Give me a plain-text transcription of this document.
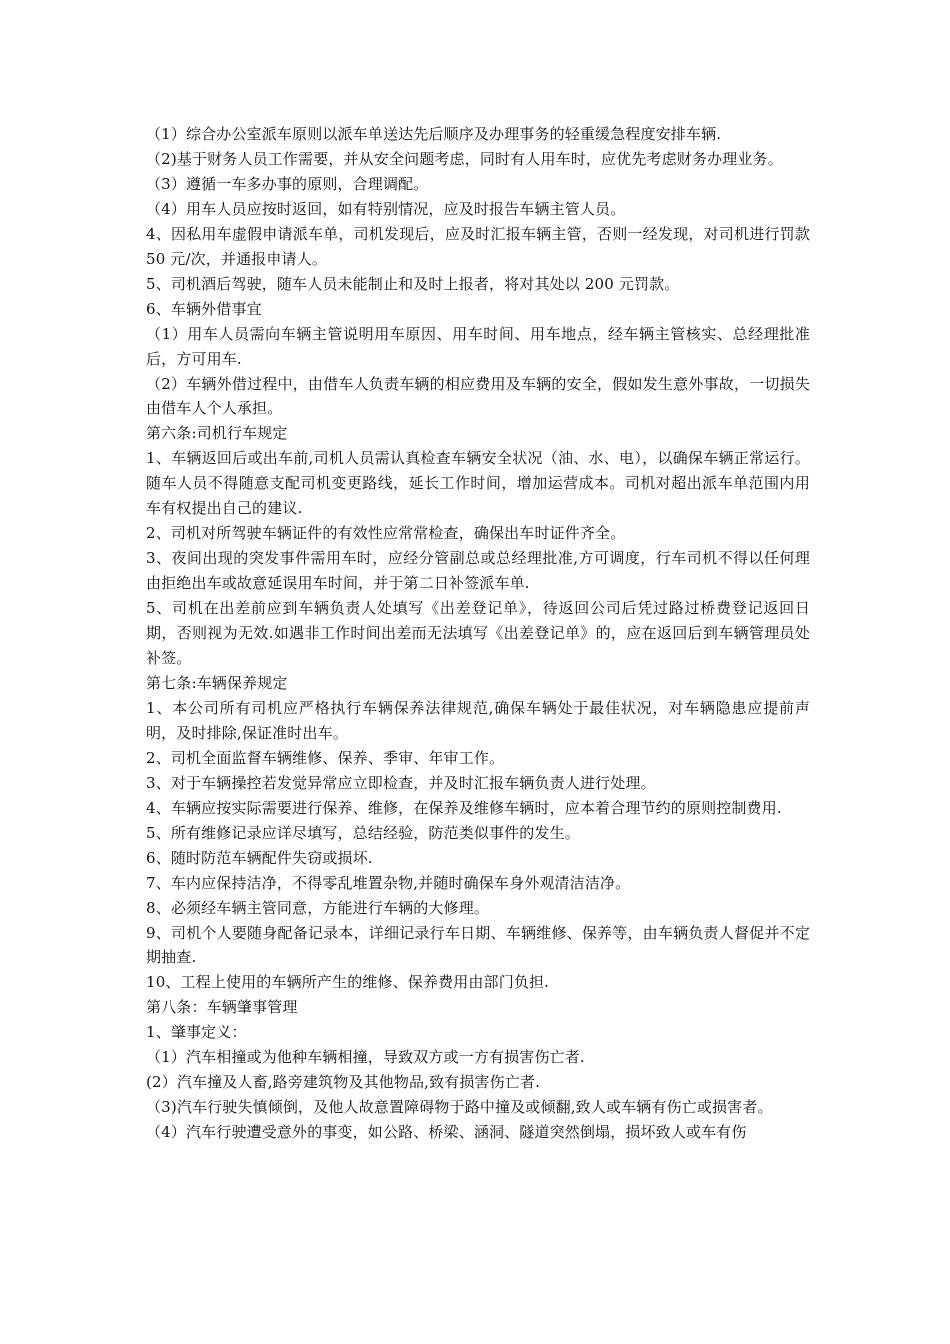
（1）综合办公室派车原则以派车单送达先后顺序及办理事务的轻重缓急程度安排车辆.

（2)基于财务人员工作需要，并从安全问题考虑，同时有人用车时，应优先考虑财务办理业务。

（3）遵循一车多办事的原则，合理调配。

（4）用车人员应按时返回，如有特别情况，应及时报告车辆主管人员。

4、因私用车虚假申请派车单，司机发现后，应及时汇报车辆主管，否则一经发现，对司机进行罚款 50 元/次，并通报申请人。

5、司机酒后驾驶，随车人员未能制止和及时上报者，将对其处以 200 元罚款。

6、车辆外借事宜

（1）用车人员需向车辆主管说明用车原因、用车时间、用车地点，经车辆主管核实、总经理批准后，方可用车.

（2）车辆外借过程中，由借车人负责车辆的相应费用及车辆的安全，假如发生意外事故，一切损失由借车人个人承担。

第六条:司机行车规定

1、车辆返回后或出车前,司机人员需认真检查车辆安全状况（油、水、电），以确保车辆正常运行。随车人员不得随意支配司机变更路线，延长工作时间，增加运营成本。司机对超出派车单范围内用车有权提出自己的建议.

2、司机对所驾驶车辆证件的有效性应常常检查，确保出车时证件齐全。

3、夜间出现的突发事件需用车时，应经分管副总或总经理批准,方可调度，行车司机不得以任何理由拒绝出车或故意延误用车时间，并于第二日补签派车单.

5、司机在出差前应到车辆负责人处填写《出差登记单》，待返回公司后凭过路过桥费登记返回日期，否则视为无效.如遇非工作时间出差而无法填写《出差登记单》的，应在返回后到车辆管理员处补签。

第七条:车辆保养规定

1、本公司所有司机应严格执行车辆保养法律规范,确保车辆处于最佳状况，对车辆隐患应提前声明，及时排除,保证准时出车。

2、司机全面监督车辆维修、保养、季审、年审工作。

3、对于车辆操控若发觉异常应立即检查，并及时汇报车辆负责人进行处理。

4、车辆应按实际需要进行保养、维修，在保养及维修车辆时，应本着合理节约的原则控制费用.

5、所有维修记录应详尽填写，总结经验，防范类似事件的发生。

6、随时防范车辆配件失窃或损坏.

7、车内应保持洁净，不得零乱堆置杂物,并随时确保车身外观清洁洁净。

8、必须经车辆主管同意，方能进行车辆的大修理。

9、司机个人要随身配备记录本，详细记录行车日期、车辆维修、保养等，由车辆负责人督促并不定期抽查.

10、工程上使用的车辆所产生的维修、保养费用由部门负担.

第八条：车辆肇事管理

1、肇事定义：

（1）汽车相撞或为他种车辆相撞，导致双方或一方有损害伤亡者.

(2）汽车撞及人畜,路旁建筑物及其他物品,致有损害伤亡者.

（3)汽车行驶失慎倾倒，及他人故意置障碍物于路中撞及或倾翻,致人或车辆有伤亡或损害者。

（4）汽车行驶遭受意外的事变，如公路、桥梁、涵洞、隧道突然倒塌，损坏致人或车有伤
